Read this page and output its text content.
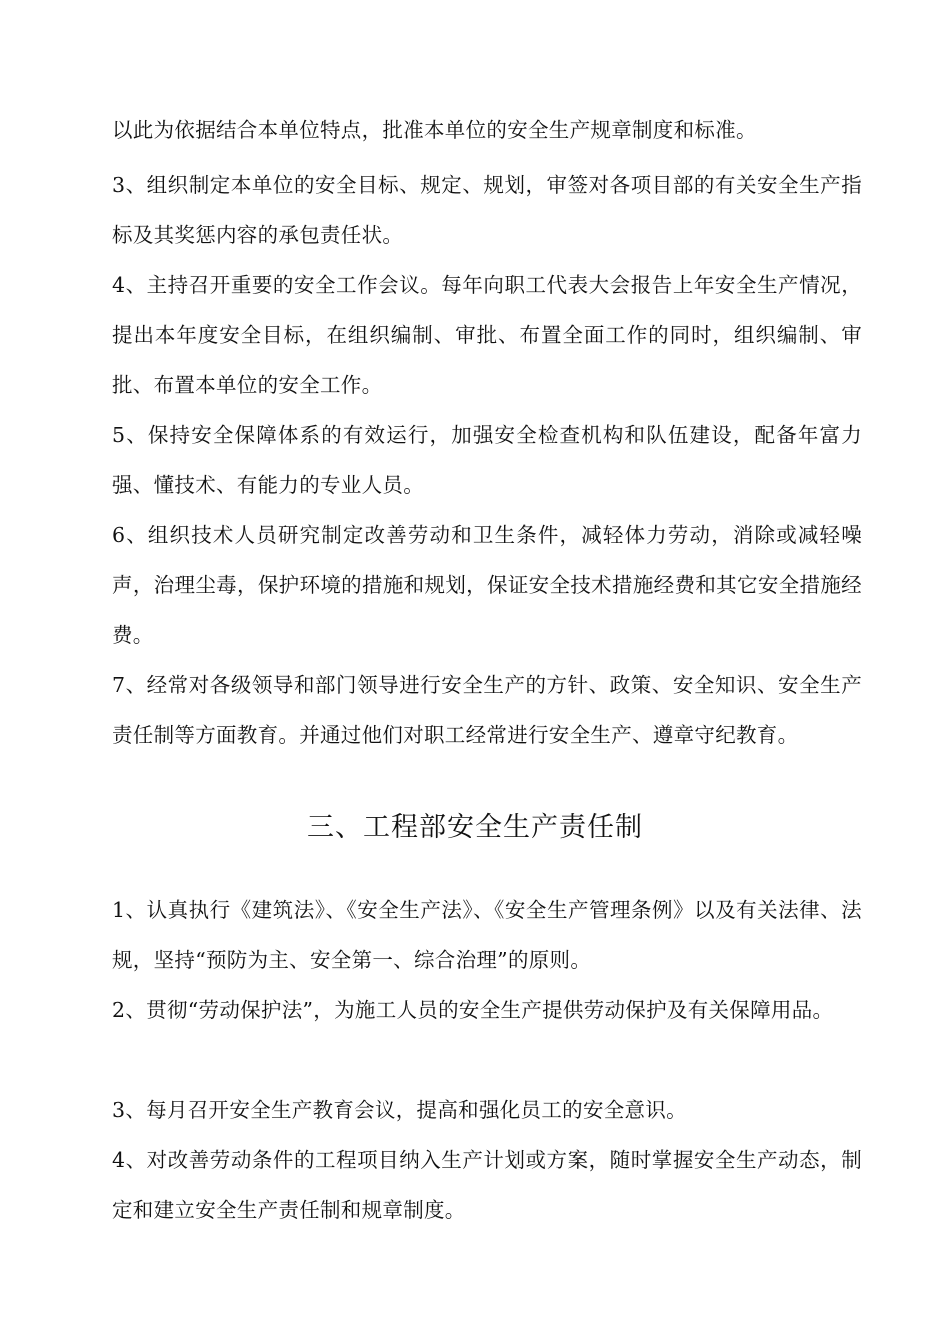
以此为依据结合本单位特点，批准本单位的安全生产规章制度和标准。

3、组织制定本单位的安全目标、规定、规划，审签对各项目部的有关安全生产指标及其奖惩内容的承包责任状。

4、主持召开重要的安全工作会议。每年向职工代表大会报告上年安全生产情况，提出本年度安全目标，在组织编制、审批、布置全面工作的同时，组织编制、审批、布置本单位的安全工作。

5、保持安全保障体系的有效运行，加强安全检查机构和队伍建设，配备年富力强、懂技术、有能力的专业人员。

6、组织技术人员研究制定改善劳动和卫生条件，减轻体力劳动，消除或减轻噪声，治理尘毒，保护环境的措施和规划，保证安全技术措施经费和其它安全措施经费。

7、经常对各级领导和部门领导进行安全生产的方针、政策、安全知识、安全生产责任制等方面教育。并通过他们对职工经常进行安全生产、遵章守纪教育。

三、工程部安全生产责任制

1、认真执行《建筑法》、《安全生产法》、《安全生产管理条例》以及有关法律、法规，坚持“预防为主、安全第一、综合治理”的原则。

2、贯彻“劳动保护法”，为施工人员的安全生产提供劳动保护及有关保障用品。

3、每月召开安全生产教育会议，提高和强化员工的安全意识。

4、对改善劳动条件的工程项目纳入生产计划或方案，随时掌握安全生产动态，制定和建立安全生产责任制和规章制度。
